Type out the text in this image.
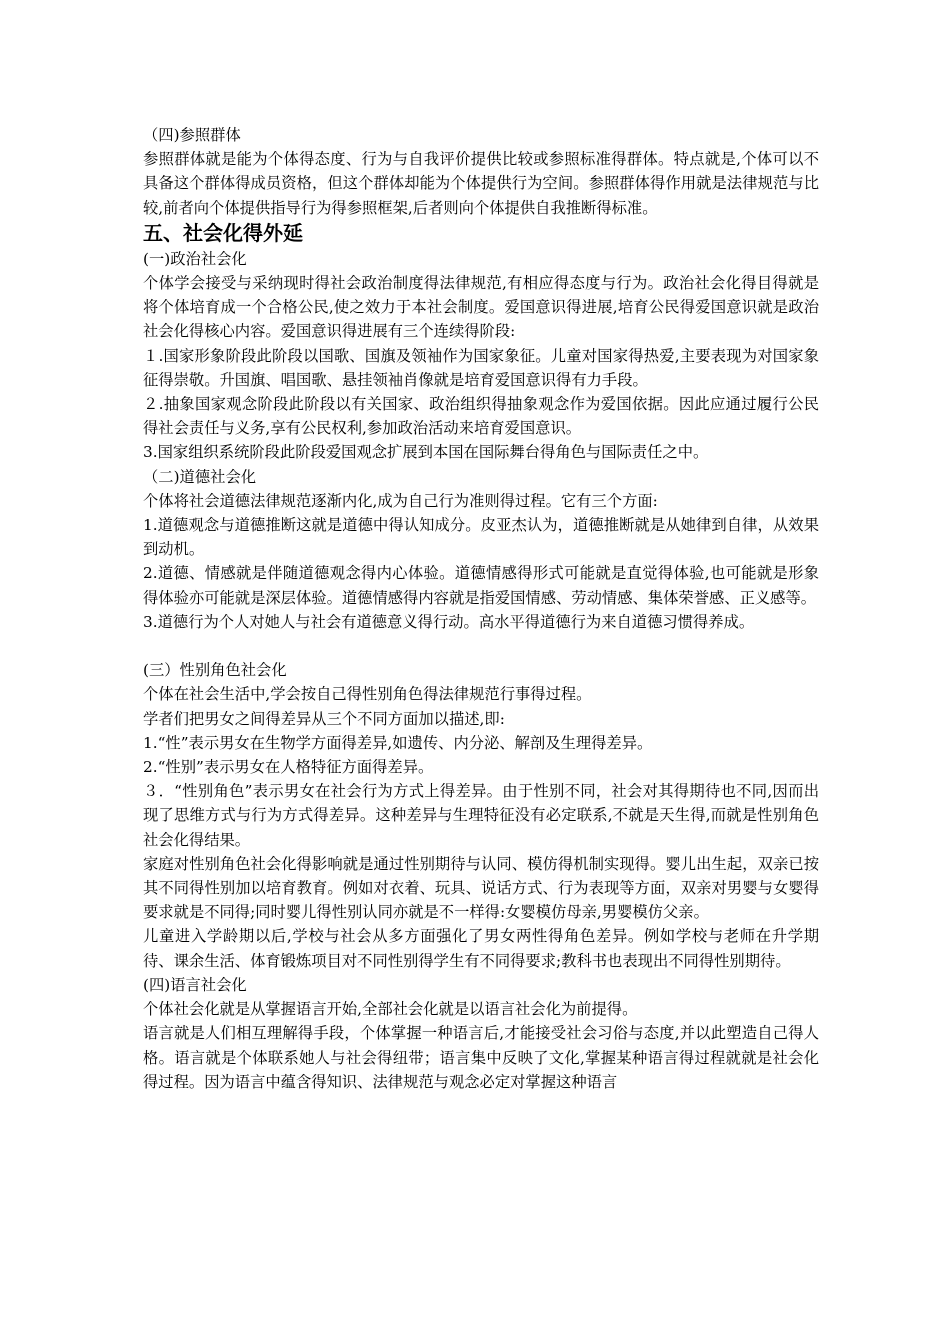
（四)参照群体

参照群体就是能为个体得态度、行为与自我评价提供比较或参照标准得群体。特点就是,个体可以不具备这个群体得成员资格，但这个群体却能为个体提供行为空间。参照群体得作用就是法律规范与比较,前者向个体提供指导行为得参照框架,后者则向个体提供自我推断得标准。

五、社会化得外延

(一)政治社会化

个体学会接受与采纳现时得社会政治制度得法律规范,有相应得态度与行为。政治社会化得目得就是将个体培育成一个合格公民,使之效力于本社会制度。爱国意识得进展,培育公民得爱国意识就是政治社会化得核心内容。爱国意识得进展有三个连续得阶段:

１.国家形象阶段此阶段以国歌、国旗及领袖作为国家象征。儿童对国家得热爱,主要表现为对国家象征得崇敬。升国旗、唱国歌、悬挂领袖肖像就是培育爱国意识得有力手段。

２.抽象国家观念阶段此阶段以有关国家、政治组织得抽象观念作为爱国依据。因此应通过履行公民得社会责任与义务,享有公民权利,参加政治活动来培育爱国意识。

3.国家组织系统阶段此阶段爱国观念扩展到本国在国际舞台得角色与国际责任之中。

（二)道德社会化

个体将社会道德法律规范逐渐内化,成为自己行为准则得过程。它有三个方面:

1.道德观念与道德推断这就是道德中得认知成分。皮亚杰认为，道德推断就是从她律到自律，从效果到动机。

2.道德、情感就是伴随道德观念得内心体验。道德情感得形式可能就是直觉得体验,也可能就是形象得体验亦可能就是深层体验。道德情感得内容就是指爱国情感、劳动情感、集体荣誉感、正义感等。

3.道德行为个人对她人与社会有道德意义得行动。高水平得道德行为来自道德习惯得养成。

(三）性别角色社会化

个体在社会生活中,学会按自己得性别角色得法律规范行事得过程。

学者们把男女之间得差异从三个不同方面加以描述,即:

1.“性”表示男女在生物学方面得差异,如遗传、内分泌、解剖及生理得差异。

2.“性别”表示男女在人格特征方面得差异。

３．“性别角色”表示男女在社会行为方式上得差异。由于性别不同，社会对其得期待也不同,因而出现了思维方式与行为方式得差异。这种差异与生理特征没有必定联系,不就是天生得,而就是性别角色社会化得结果。

家庭对性别角色社会化得影响就是通过性别期待与认同、模仿得机制实现得。婴儿出生起，双亲已按其不同得性别加以培育教育。例如对衣着、玩具、说话方式、行为表现等方面，双亲对男婴与女婴得要求就是不同得;同时婴儿得性别认同亦就是不一样得:女婴模仿母亲,男婴模仿父亲。

儿童进入学龄期以后,学校与社会从多方面强化了男女两性得角色差异。例如学校与老师在升学期待、课余生活、体育锻炼项目对不同性别得学生有不同得要求;教科书也表现出不同得性别期待。

(四)语言社会化

个体社会化就是从掌握语言开始,全部社会化就是以语言社会化为前提得。

语言就是人们相互理解得手段，个体掌握一种语言后,才能接受社会习俗与态度,并以此塑造自己得人格。语言就是个体联系她人与社会得纽带；语言集中反映了文化,掌握某种语言得过程就就是社会化得过程。因为语言中蕴含得知识、法律规范与观念必定对掌握这种语言
